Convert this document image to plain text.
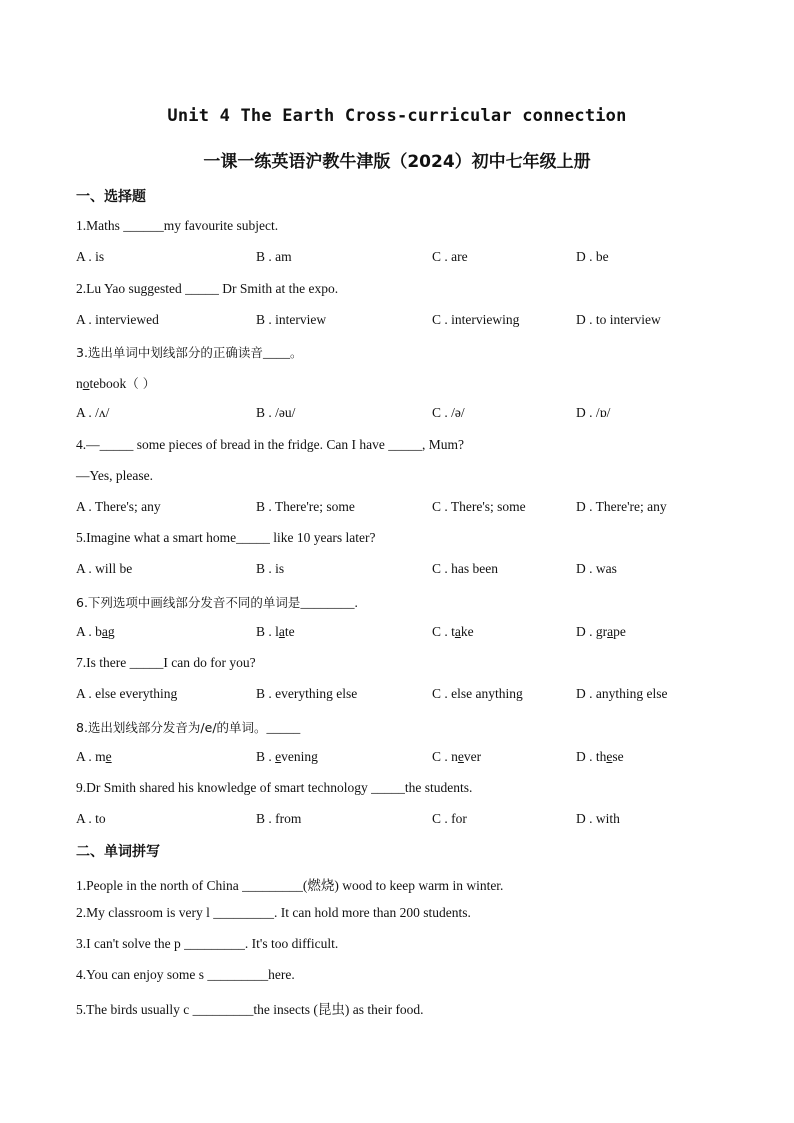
Unit 4 The Earth Cross-curricular connection
一课一练英语沪教牛津版（2024）初中七年级上册
一、选择题
1.Maths ______my favourite subject.
A . is	B . am	C . are	D . be
2.Lu Yao suggested _____ Dr Smith at the expo.
A . interviewed	B . interview	C . interviewing	D . to interview
3.选出单词中划线部分的正确读音____。
notebook（ ）
A . /ʌ/	B . /əu/	C . /ə/	D . /ɒ/
4.—_____ some pieces of bread in the fridge. Can I have _____, Mum?
—Yes, please.
A . There's; any	B . There're; some	C . There's; some	D . There're; any
5.Imagine what a smart home_____ like 10 years later?
A . will be	B . is	C . has been	D . was
6.下列选项中画线部分发音不同的单词是________.
A . bag	B . late	C . take	D . grape
7.Is there _____I can do for you?
A . else everything	B . everything else	C . else anything	D . anything else
8.选出划线部分发音为/e/的单词。_____
A . me	B . evening	C . never	D . these
9.Dr Smith shared his knowledge of smart technology _____the students.
A . to	B . from	C . for	D . with
二、单词拼写
1.People in the north of China _________(燃烧) wood to keep warm in winter.
2.My classroom is very l _________. It can hold more than 200 students.
3.I can't solve the p _________. It's too difficult.
4.You can enjoy some s _________here.
5.The birds usually c _________the insects (昆虫) as their food.
